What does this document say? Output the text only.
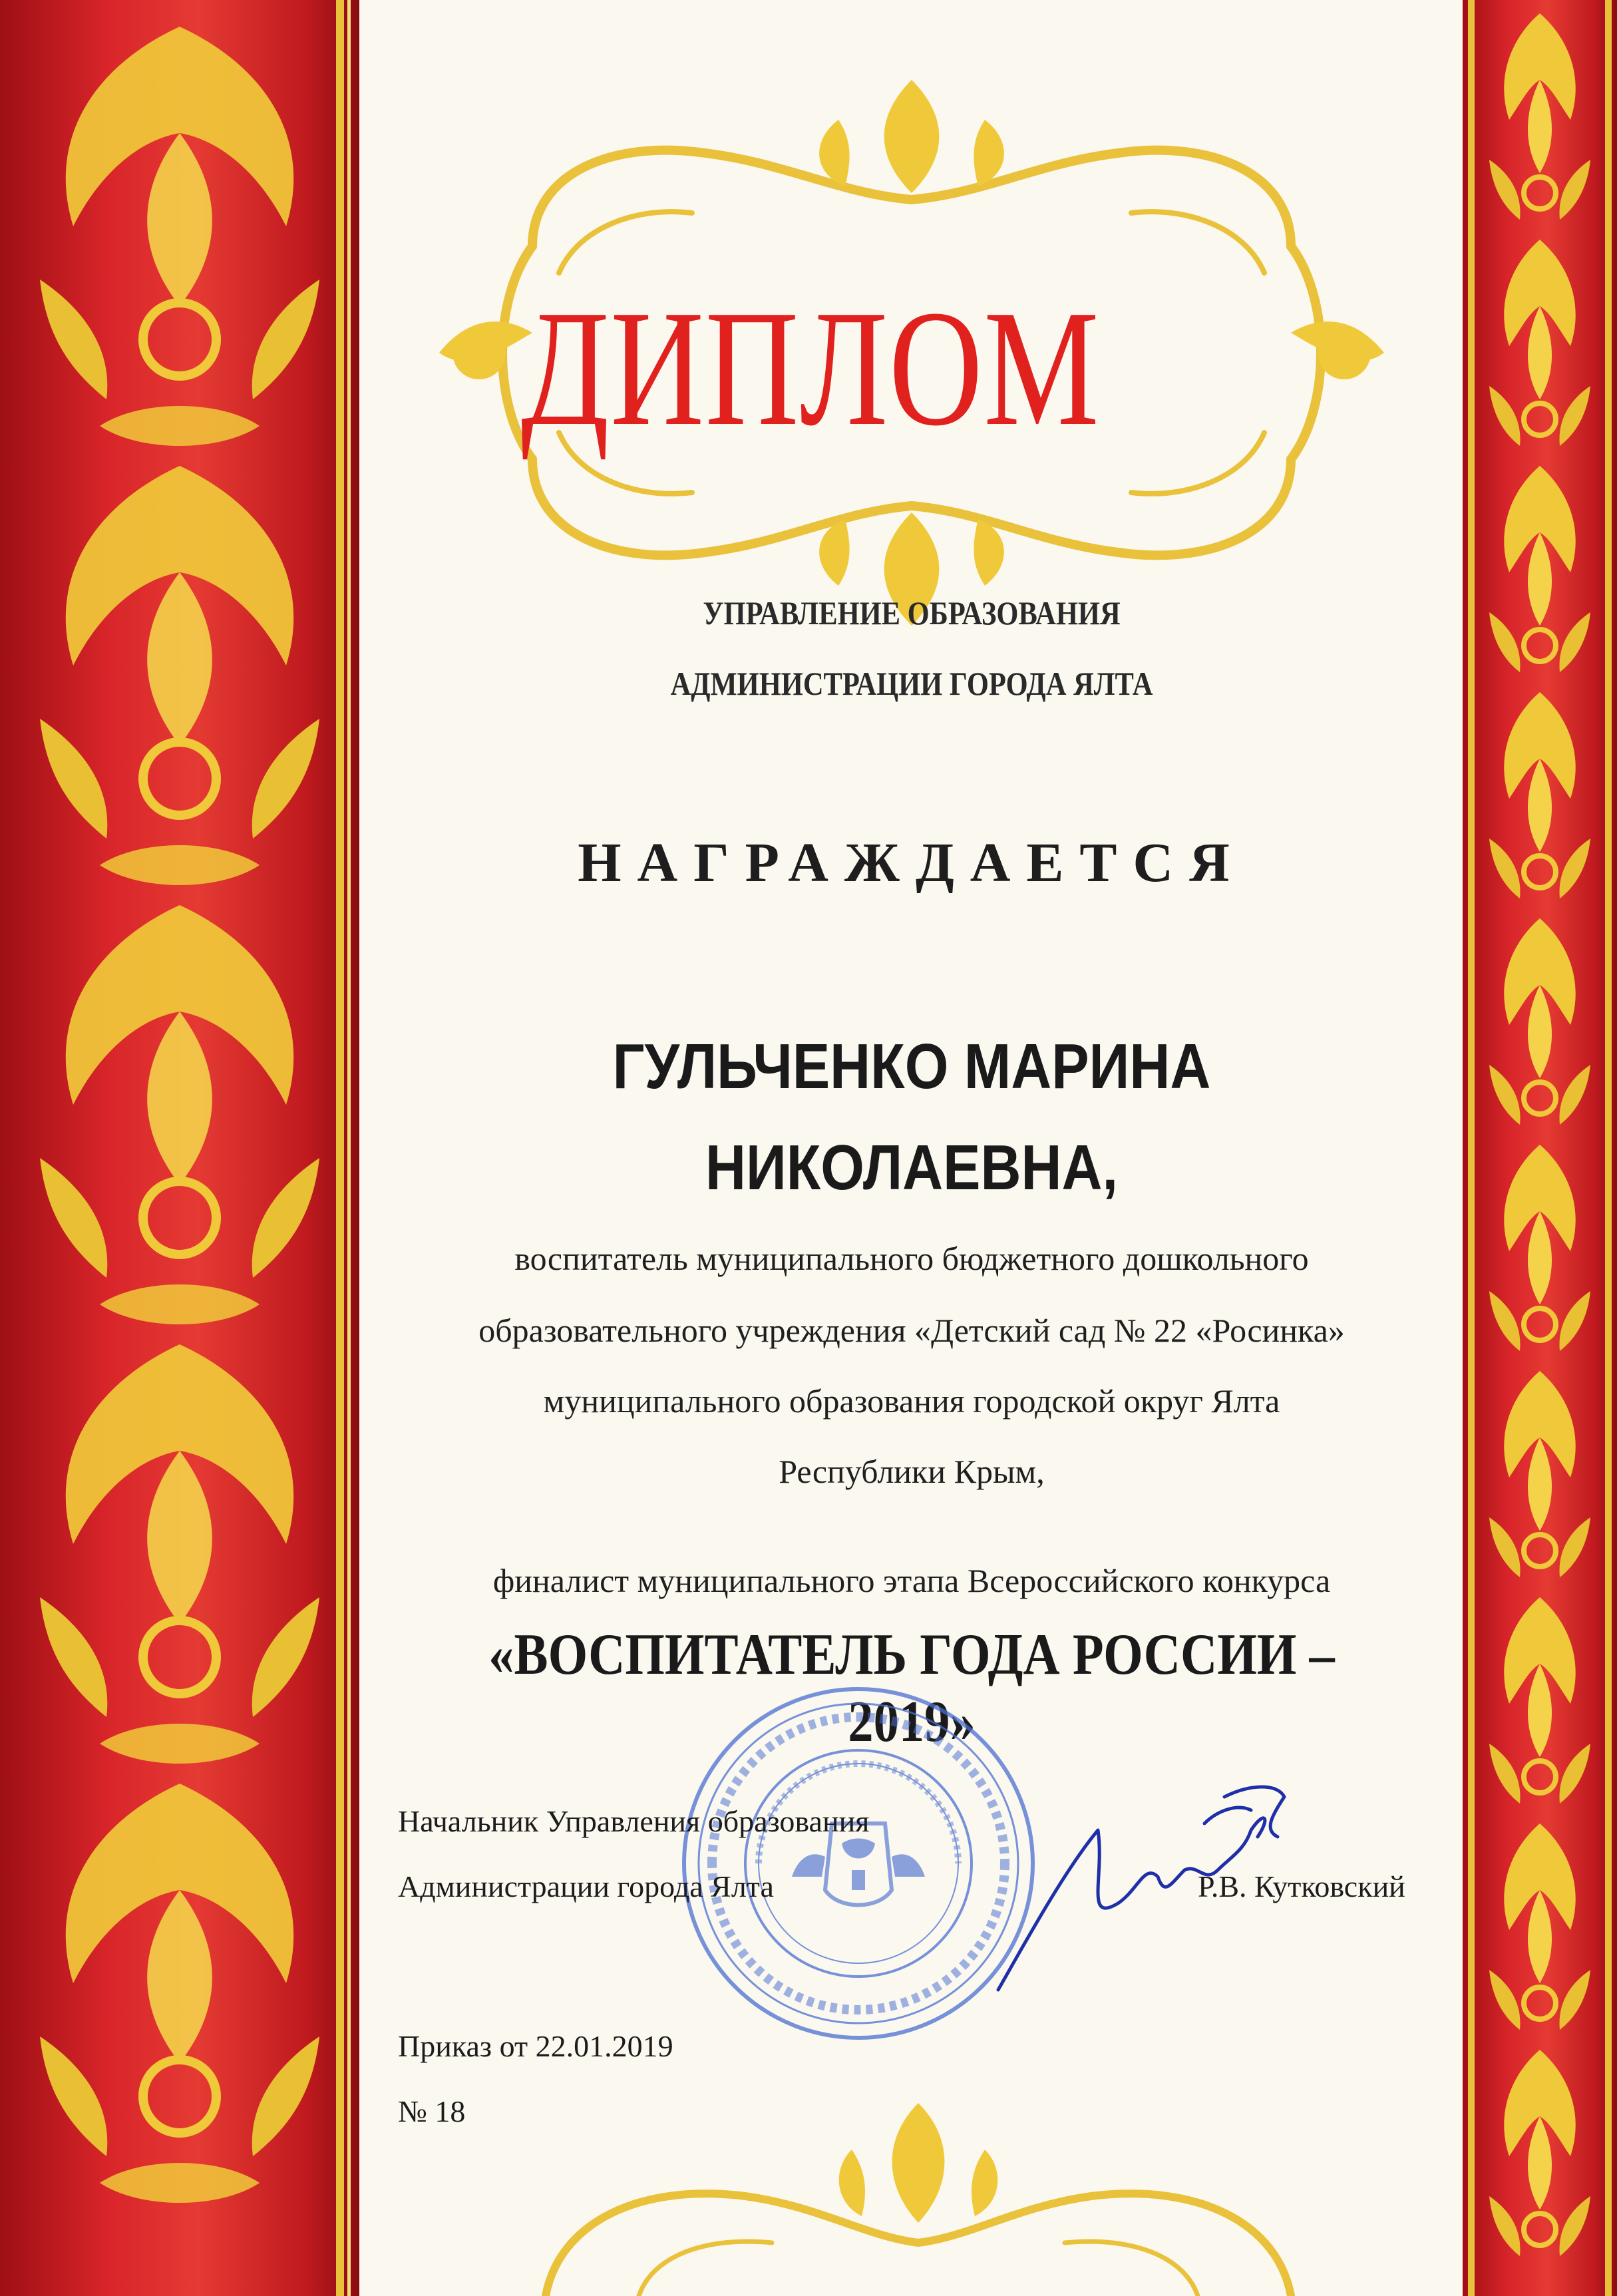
ДИПЛОМ
УПРАВЛЕНИЕ ОБРАЗОВАНИЯ
АДМИНИСТРАЦИИ ГОРОДА ЯЛТА
НАГРАЖДАЕТСЯ
ГУЛЬЧЕНКО МАРИНА
НИКОЛАЕВНА,
воспитатель муниципального бюджетного дошкольного
образовательного учреждения «Детский сад № 22 «Росинка»
муниципального образования городской округ Ялта
Республики Крым,
финалист муниципального этапа Всероссийского конкурса
«ВОСПИТАТЕЛЬ ГОДА РОССИИ – 2019»
Начальник Управления образования
Администрации города Ялта	Р.В. Кутковский
Приказ от 22.01.2019
№ 18
